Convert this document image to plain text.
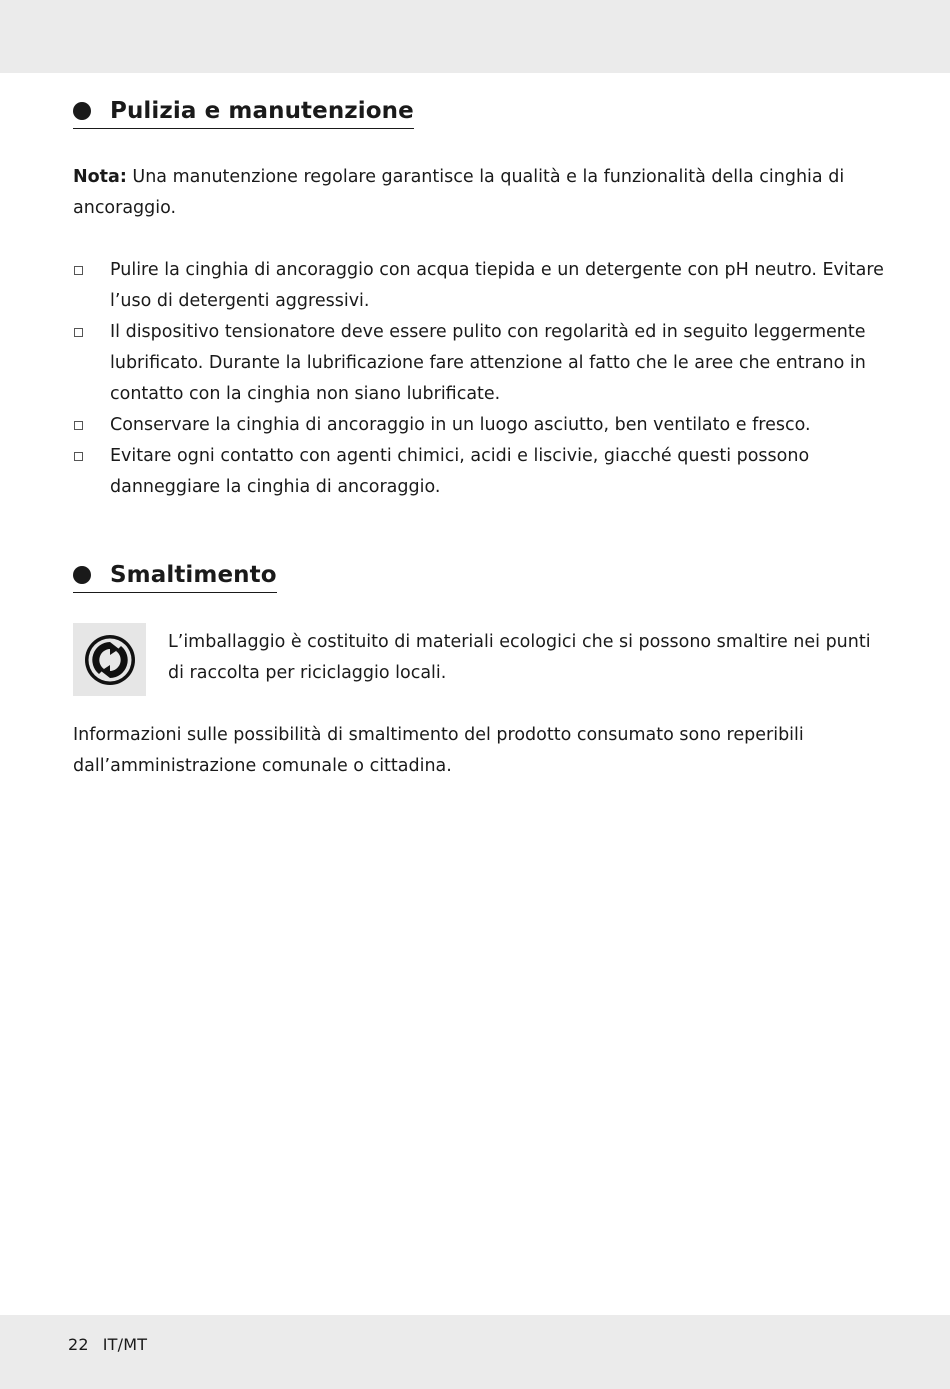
Pulizia e manutenzione

Nota: Una manutenzione regolare garantisce la qualità e la funzionalità della cinghia di ancoraggio.

Pulire la cinghia di ancoraggio con acqua tiepida e un detergente con pH neutro. Evitare l’uso di detergenti aggressivi.
Il dispositivo tensionatore deve essere pulito con regolarità ed in seguito leggermente lubrificato. Durante la lubrificazione fare attenzione al fatto che le aree che entrano in contatto con la cinghia non siano lubrificate.
Conservare la cinghia di ancoraggio in un luogo asciutto, ben ventilato e fresco.
Evitare ogni contatto con agenti chimici, acidi e liscivie, giacché questi possono danneggiare la cinghia di ancoraggio.
Smaltimento

L’imballaggio è costituito di materiali ecologici che si possono smaltire nei punti di raccolta per riciclaggio locali.

Informazioni sulle possibilità di smaltimento del prodotto consumato sono reperibili dall’amministrazione comunale o cittadina.

22 IT/MT
